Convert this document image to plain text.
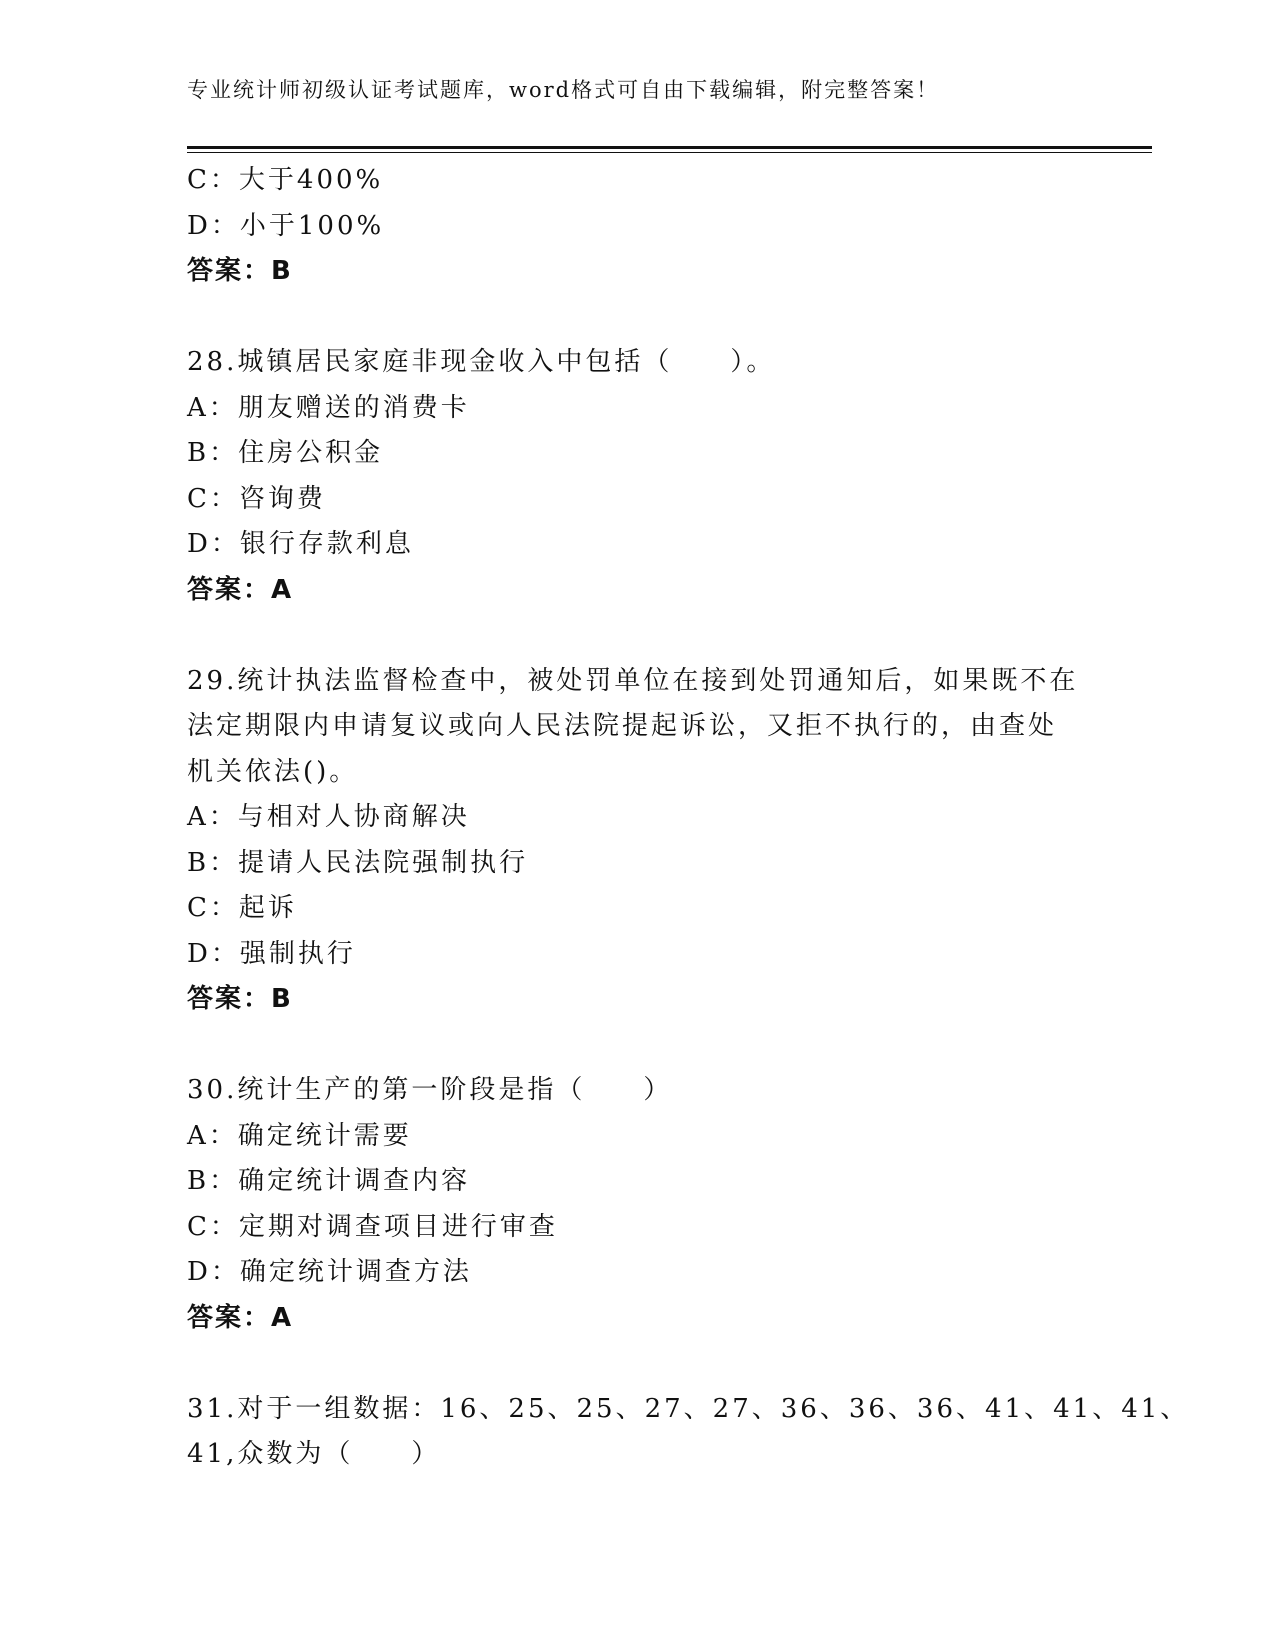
专业统计师初级认证考试题库，word格式可自由下载编辑，附完整答案！
C：大于400%
D：小于100%
答案：B
28.城镇居民家庭非现金收入中包括（　　）。
A：朋友赠送的消费卡
B：住房公积金
C：咨询费
D：银行存款利息
答案：A
29.统计执法监督检查中，被处罚单位在接到处罚通知后，如果既不在
法定期限内申请复议或向人民法院提起诉讼，又拒不执行的，由查处
机关依法()。
A：与相对人协商解决
B：提请人民法院强制执行
C：起诉
D：强制执行
答案：B
30.统计生产的第一阶段是指（　　）
A：确定统计需要
B：确定统计调查内容
C：定期对调查项目进行审查
D：确定统计调查方法
答案：A
31.对于一组数据：16、25、25、27、27、36、36、36、41、41、41、
41,众数为（　　）
